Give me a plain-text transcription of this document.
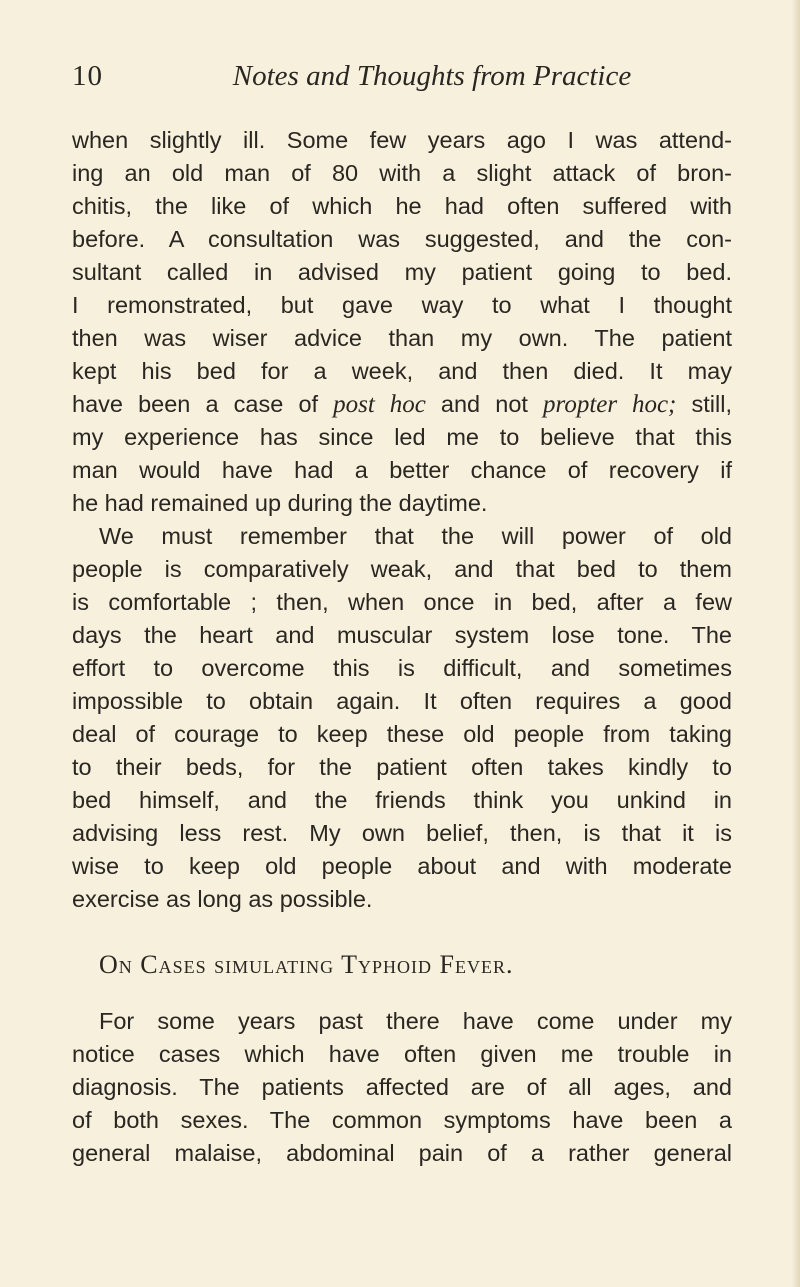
10	Notes and Thoughts from Practice
when slightly ill. Some few years ago I was attend-
ing an old man of 80 with a slight attack of bron-
chitis, the like of which he had often suffered with
before. A consultation was suggested, and the con-
sultant called in advised my patient going to bed.
I remonstrated, but gave way to what I thought
then was wiser advice than my own. The patient
kept his bed for a week, and then died. It may
have been a case of post hoc and not propter hoc; still,
my experience has since led me to believe that this
man would have had a better chance of recovery if
he had remained up during the daytime.
We must remember that the will power of old
people is comparatively weak, and that bed to them
is comfortable ; then, when once in bed, after a few
days the heart and muscular system lose tone. The
effort to overcome this is difficult, and sometimes
impossible to obtain again. It often requires a good
deal of courage to keep these old people from taking
to their beds, for the patient often takes kindly to
bed himself, and the friends think you unkind in
advising less rest. My own belief, then, is that it is
wise to keep old people about and with moderate
exercise as long as possible.
On Cases simulating Typhoid Fever.
For some years past there have come under my
notice cases which have often given me trouble in
diagnosis. The patients affected are of all ages, and
of both sexes. The common symptoms have been a
general malaise, abdominal pain of a rather general
